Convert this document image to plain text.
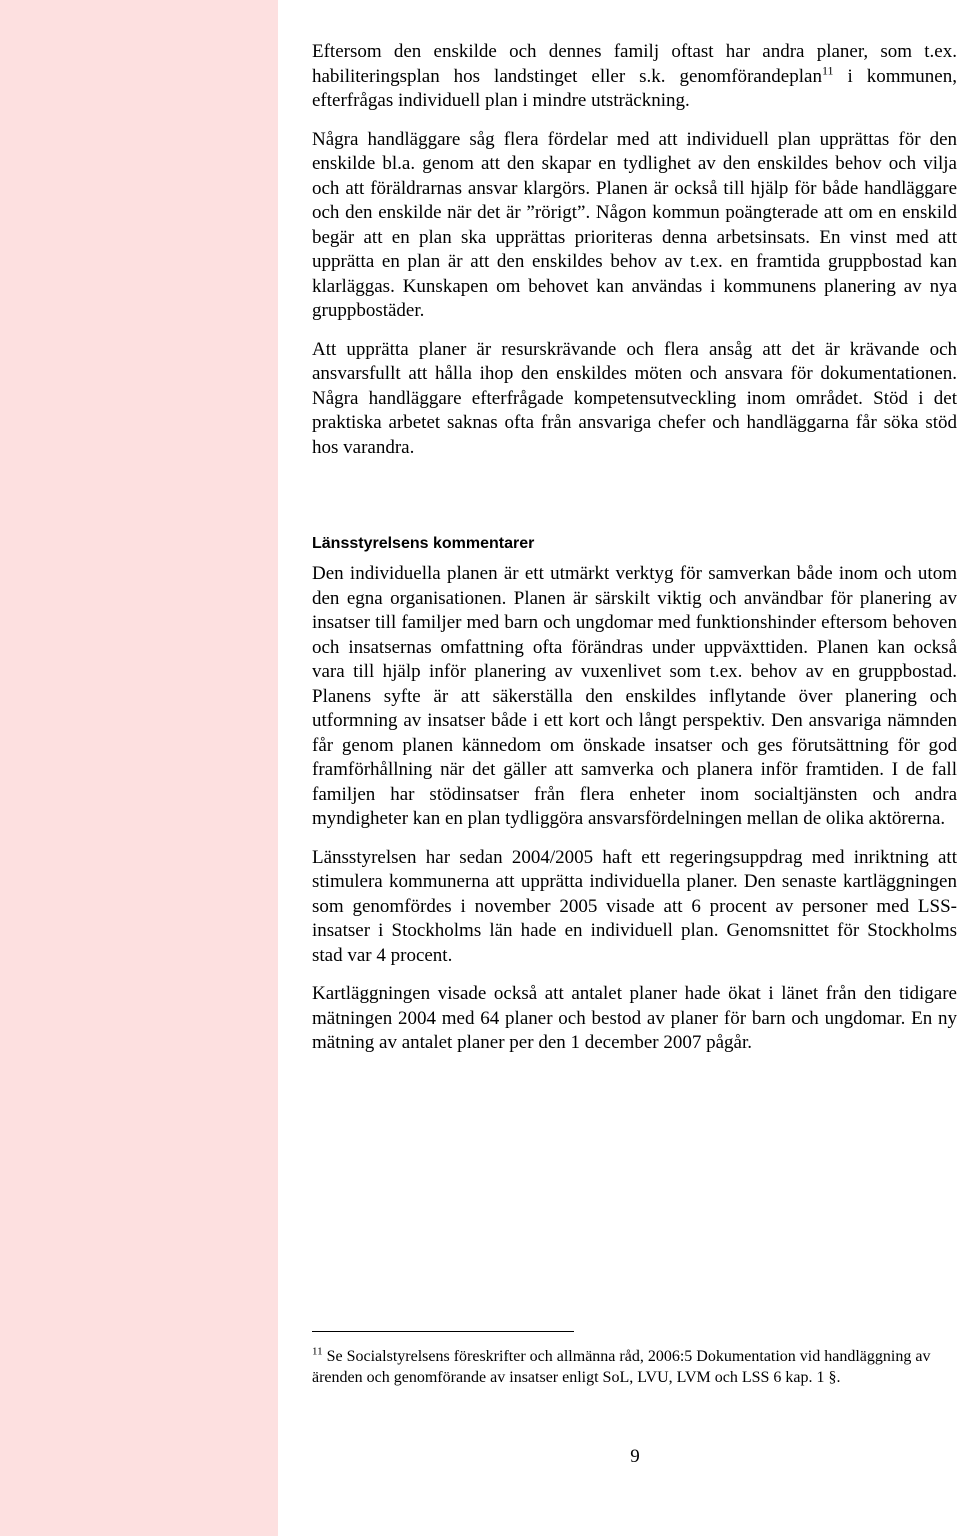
Eftersom den enskilde och dennes familj oftast har andra planer, som t.ex. habiliteringsplan hos landstinget eller s.k. genomförandeplan$^{11}$ i kommunen, efterfrågas individuell plan i mindre utsträckning.

Några handläggare såg flera fördelar med att individuell plan upprättas för den enskilde bl.a. genom att den skapar en tydlighet av den enskildes behov och vilja och att föräldrarnas ansvar klargörs. Planen är också till hjälp för både handläggare och den enskilde när det är ”rörigt”. Någon kommun poängterade att om en enskild begär att en plan ska upprättas prioriteras denna arbetsinsats. En vinst med att upprätta en plan är att den enskildes behov av t.ex. en framtida gruppbostad kan klarläggas. Kunskapen om behovet kan användas i kommunens planering av nya gruppbostäder.

Att upprätta planer är resurskrävande och flera ansåg att det är krävande och ansvarsfullt att hålla ihop den enskildes möten och ansvara för dokumentationen. Några handläggare efterfrågade kompetensutveckling inom området. Stöd i det praktiska arbetet saknas ofta från ansvariga chefer och handläggarna får söka stöd hos varandra.

Länsstyrelsens kommentarer

Den individuella planen är ett utmärkt verktyg för samverkan både inom och utom den egna organisationen. Planen är särskilt viktig och användbar för planering av insatser till familjer med barn och ungdomar med funktionshinder eftersom behoven och insatsernas omfattning ofta förändras under uppväxttiden. Planen kan också vara till hjälp inför planering av vuxenlivet som t.ex. behov av en gruppbostad. Planens syfte är att säkerställa den enskildes inflytande över planering och utformning av insatser både i ett kort och långt perspektiv. Den ansvariga nämnden får genom planen kännedom om önskade insatser och ges förutsättning för god framförhållning när det gäller att samverka och planera inför framtiden. I de fall familjen har stödinsatser från flera enheter inom socialtjänsten och andra myndigheter kan en plan tydliggöra ansvarsfördelningen mellan de olika aktörerna.

Länsstyrelsen har sedan 2004/2005 haft ett regeringsuppdrag med inriktning att stimulera kommunerna att upprätta individuella planer. Den senaste kartläggningen som genomfördes i november 2005 visade att 6 procent av personer med LSS-insatser i Stockholms län hade en individuell plan. Genomsnittet för Stockholms stad var 4 procent.

Kartläggningen visade också att antalet planer hade ökat i länet från den tidigare mätningen 2004 med 64 planer och bestod av planer för barn och ungdomar. En ny mätning av antalet planer per den 1 december 2007 pågår.

$^{11}$ Se Socialstyrelsens föreskrifter och allmänna råd, 2006:5 Dokumentation vid handläggning av ärenden och genomförande av insatser enligt SoL, LVU, LVM och LSS 6 kap. 1 §.

9
